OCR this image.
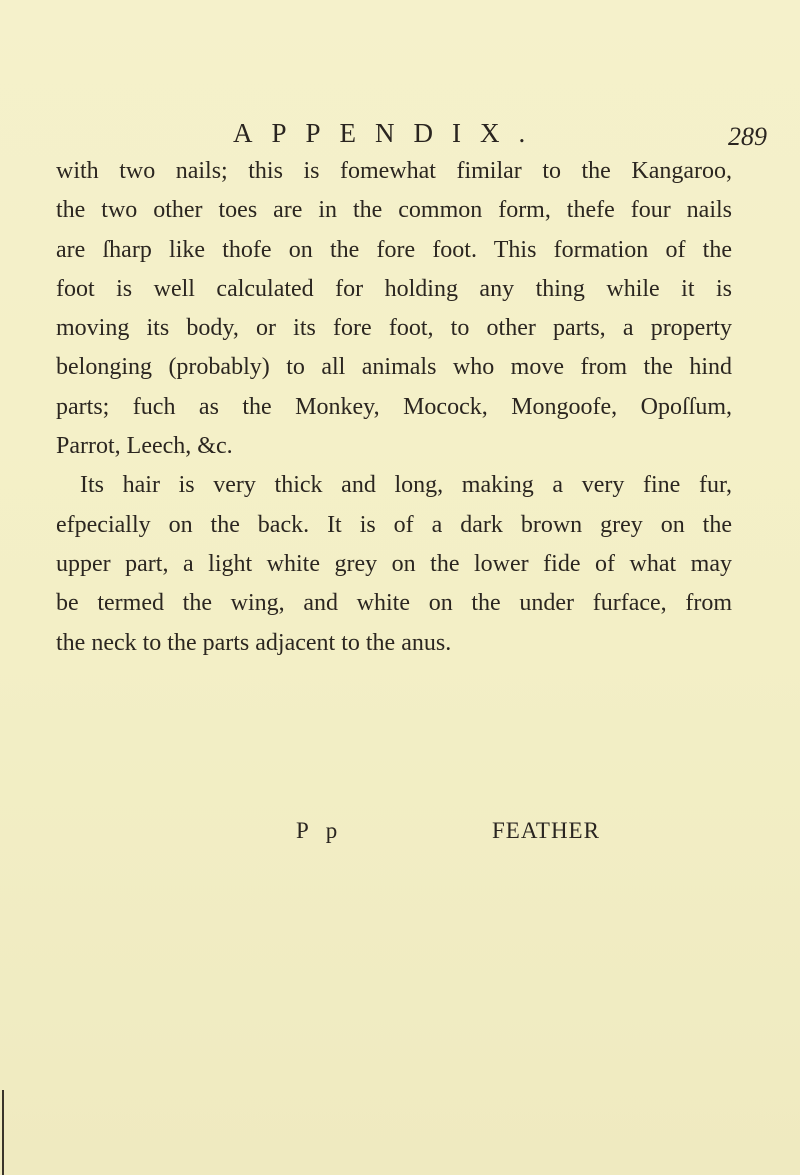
APPENDIX.	289
with two nails; this is fomewhat fimilar to the Kangaroo,
the two other toes are in the common form, thefe four nails
are ſharp like thofe on the fore foot. This formation of the
foot is well calculated for holding any thing while it is
moving its body, or its fore foot, to other parts, a property
belonging (probably) to all animals who move from the hind
parts; fuch as the Monkey, Mocock, Mongoofe, Opoſſum,
Parrot, Leech, &c.
Its hair is very thick and long, making a very fine fur,
efpecially on the back. It is of a dark brown grey on the
upper part, a light white grey on the lower fide of what may
be termed the wing, and white on the under furface, from
the neck to the parts adjacent to the anus.
P p	FEATHER
